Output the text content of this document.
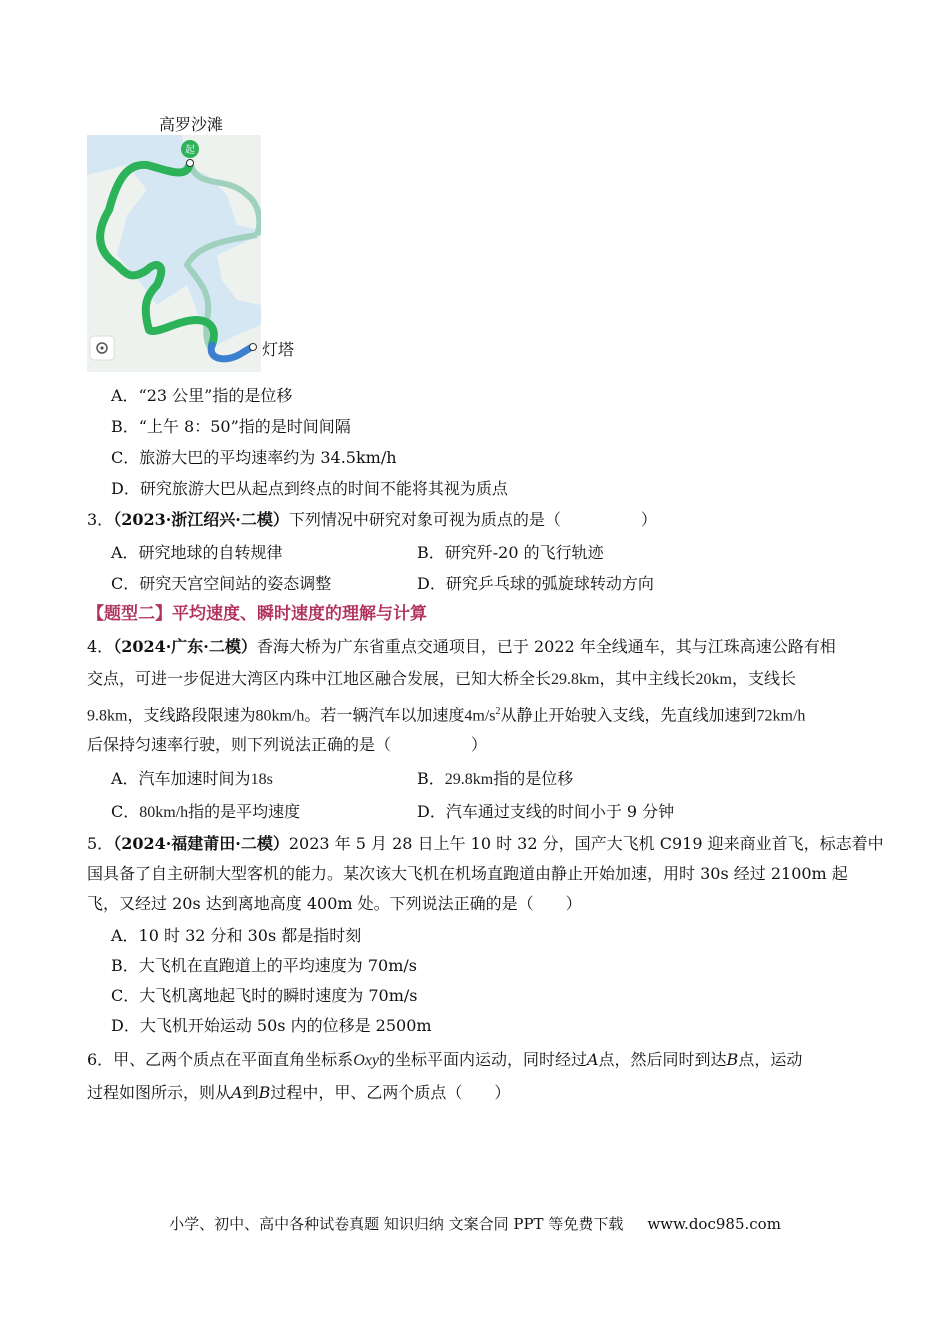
高罗沙滩
起
灯塔
A．“23 公里”指的是位移
B．“上午 8：50”指的是时间间隔
C．旅游大巴的平均速率约为 34.5km/h
D．研究旅游大巴从起点到终点的时间不能将其视为质点
3．（2023·浙江绍兴·二模）下列情况中研究对象可视为质点的是（　　　　　）
A．研究地球的自转规律	B．研究歼-20 的飞行轨迹
C．研究天宫空间站的姿态调整	D．研究乒乓球的弧旋球转动方向
【题型二】平均速度、瞬时速度的理解与计算
4．（2024·广东·二模）香海大桥为广东省重点交通项目，已于 2022 年全线通车，其与江珠高速公路有相
交点，可进一步促进大湾区内珠中江地区融合发展，已知大桥全长29.8km，其中主线长20km，支线长
9.8km，支线路段限速为80km/h。若一辆汽车以加速度$4m/s^2$从静止开始驶入支线，先直线加速到72km/h
后保持匀速率行驶，则下列说法正确的是（　　　　　）
A．汽车加速时间为18s	B．29.8km指的是位移
C．80km/h指的是平均速度	D．汽车通过支线的时间小于 9 分钟
5．（2024·福建莆田·二模）2023 年 5 月 28 日上午 10 时 32 分，国产大飞机 C919 迎来商业首飞，标志着中
国具备了自主研制大型客机的能力。某次该大飞机在机场直跑道由静止开始加速，用时 30s 经过 2100m 起
飞，又经过 20s 达到离地高度 400m 处。下列说法正确的是（　　）
A．10 时 32 分和 30s 都是指时刻
B．大飞机在直跑道上的平均速度为 70m/s
C．大飞机离地起飞时的瞬时速度为 70m/s
D．大飞机开始运动 50s 内的位移是 2500m
6．甲、乙两个质点在平面直角坐标系Oxy的坐标平面内运动，同时经过A点，然后同时到达B点，运动
过程如图所示，则从A到B过程中，甲、乙两个质点（　　）
小学、初中、高中各种试卷真题 知识归纳 文案合同 PPT 等免费下载 www.doc985.com
